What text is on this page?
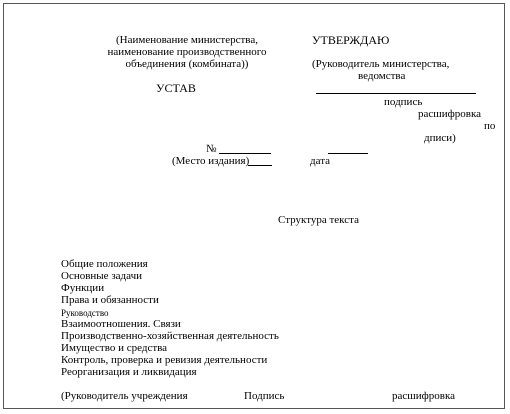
(Наименование министерства,
наименование производственного
объединения (комбината))
УТВЕРЖДАЮ
(Руководитель министерства,
ведомства
подпись
расшифровка
по
дписи)
УСТАВ
№
(Место издания)	дата
Структура текста
Общие положения
Основные задачи
Функции
Права и обязанности
Руководство
Взаимоотношения. Связи
Производственно-хозяйственная деятельность
Имущество и средства
Контроль, проверка и ревизия деятельности
Реорганизация и ликвидация
(Руководитель учреждения	Подпись	расшифровка
